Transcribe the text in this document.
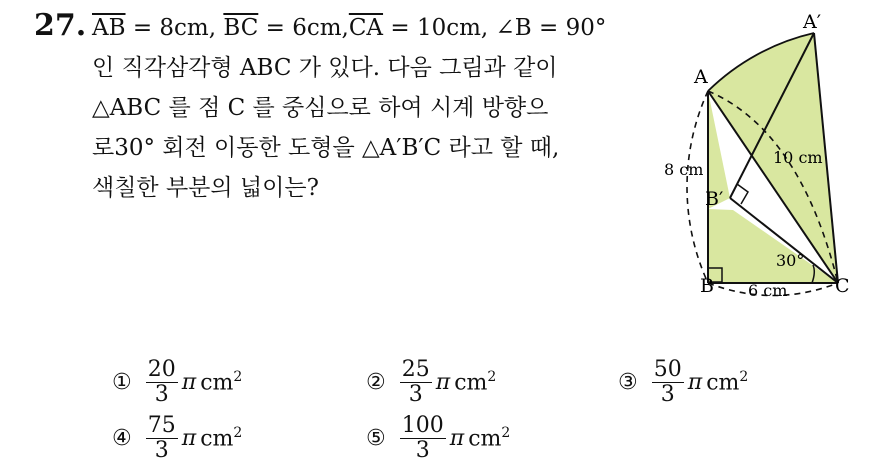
27. $\overline{AB} = 8cm$, $\overline{BC} = 6cm,\overline{CA} = 10cm$, ∠B = 90°
인 직각삼각형 ABC 가 있다. 다음 그림과 같이
△ABC 를 점 C 를 중심으로 하여 시계 방향으
로30° 회전 이동한 도형을 △A′B′C 라고 할 때,
색칠한 부분의 넓이는?
A
A′
B′
B	C
8 cm
10 cm
6 cm
30°
① $\frac{20}{3}$ π $cm^2$	② $\frac{25}{3}$ π $cm^2$	③ $\frac{50}{3}$ π $cm^2$
④ $\frac{75}{3}$ π $cm^2$	⑤ $\frac{100}{3}$ π $cm^2$
